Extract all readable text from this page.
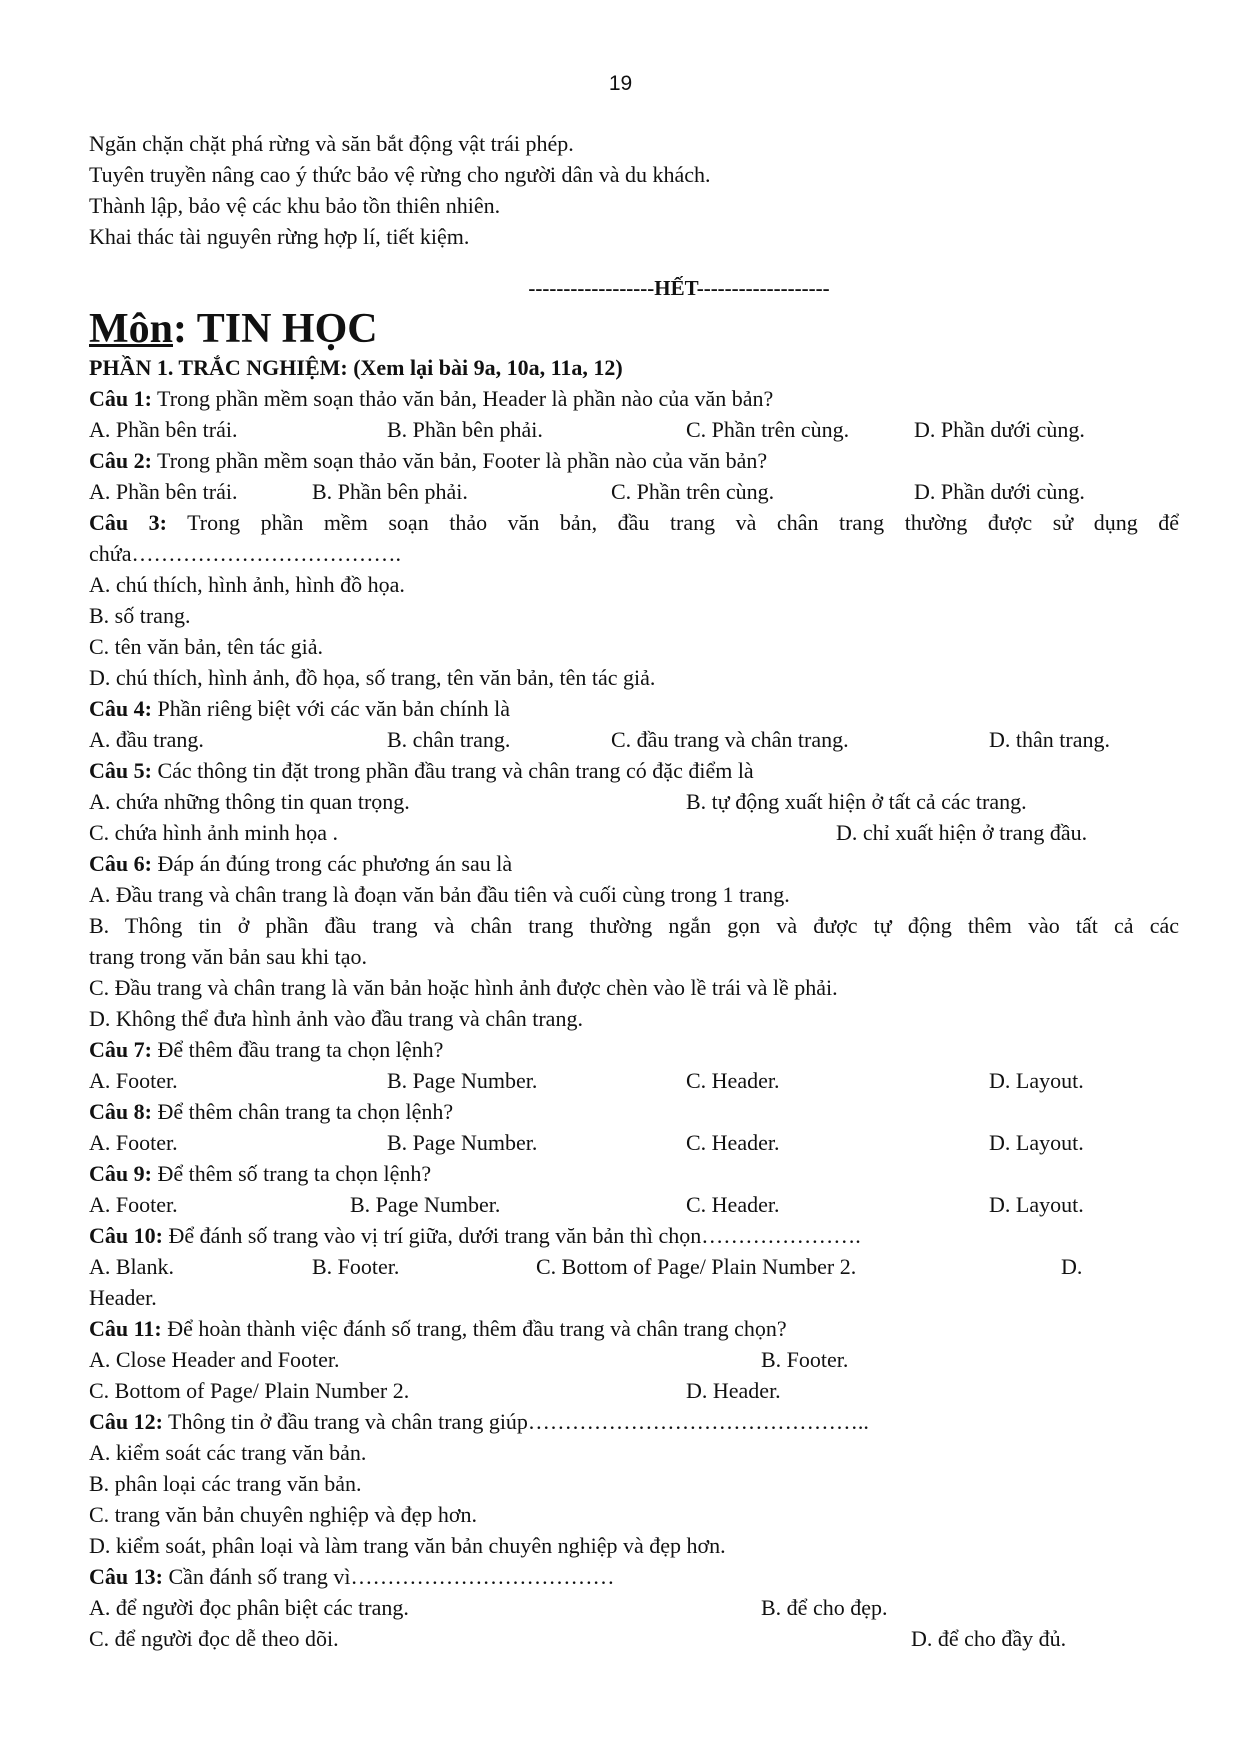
19
Ngăn chặn chặt phá rừng và săn bắt động vật trái phép.
Tuyên truyền nâng cao ý thức bảo vệ rừng cho người dân và du khách.
Thành lập, bảo vệ các khu bảo tồn thiên nhiên.
Khai thác tài nguyên rừng hợp lí, tiết kiệm.
------------------HẾT-------------------
Môn: TIN HỌC
PHẦN 1. TRẮC NGHIỆM: (Xem lại bài 9a, 10a, 11a, 12)
Câu 1: Trong phần mềm soạn thảo văn bản, Header là phần nào của văn bản?
A. Phần bên trái.	B. Phần bên phải.	C. Phần trên cùng.	D. Phần dưới cùng.
Câu 2: Trong phần mềm soạn thảo văn bản, Footer là phần nào của văn bản?
A. Phần bên trái.	B. Phần bên phải.	C. Phần trên cùng.	D. Phần dưới cùng.
Câu 3: Trong phần mềm soạn thảo văn bản, đầu trang và chân trang thường được sử dụng để
chứa……………………………….
A. chú thích, hình ảnh, hình đồ họa.
B. số trang.
C. tên văn bản, tên tác giả.
D. chú thích, hình ảnh, đồ họa, số trang, tên văn bản, tên tác giả.
Câu 4: Phần riêng biệt với các văn bản chính là
A. đầu trang.	B. chân trang.	C. đầu trang và chân trang.	D. thân trang.
Câu 5: Các thông tin đặt trong phần đầu trang và chân trang có đặc điểm là
A. chứa những thông tin quan trọng.	B. tự động xuất hiện ở tất cả các trang.
C. chứa hình ảnh minh họa .	D. chỉ xuất hiện ở trang đầu.
Câu 6: Đáp án đúng trong các phương án sau là
A. Đầu trang và chân trang là đoạn văn bản đầu tiên và cuối cùng trong 1 trang.
B. Thông tin ở phần đầu trang và chân trang thường ngắn gọn và được tự động thêm vào tất cả các
trang trong văn bản sau khi tạo.
C. Đầu trang và chân trang là văn bản hoặc hình ảnh được chèn vào lề trái và lề phải.
D. Không thể đưa hình ảnh vào đầu trang và chân trang.
Câu 7: Để thêm đầu trang ta chọn lệnh?
A. Footer.	B. Page Number.	C. Header.	D. Layout.
Câu 8: Để thêm chân trang ta chọn lệnh?
A. Footer.	B. Page Number.	C. Header.	D. Layout.
Câu 9: Để thêm số trang ta chọn lệnh?
A. Footer.	B. Page Number.	C. Header.	D. Layout.
Câu 10: Để đánh số trang vào vị trí giữa, dưới trang văn bản thì chọn………………….
A. Blank.	B. Footer.	C. Bottom of Page/ Plain Number 2.	D.
Header.
Câu 11: Để hoàn thành việc đánh số trang, thêm đầu trang và chân trang chọn?
A. Close Header and Footer.	B. Footer.
C. Bottom of Page/ Plain Number 2.	D. Header.
Câu 12: Thông tin ở đầu trang và chân trang giúp………………………………………..
A. kiểm soát các trang văn bản.
B. phân loại các trang văn bản.
C. trang văn bản chuyên nghiệp và đẹp hơn.
D. kiểm soát, phân loại và làm trang văn bản chuyên nghiệp và đẹp hơn.
Câu 13: Cần đánh số trang vì………………………………
A. để người đọc phân biệt các trang.	B. để cho đẹp.
C. để người đọc dễ theo dõi.	D. để cho đầy đủ.
